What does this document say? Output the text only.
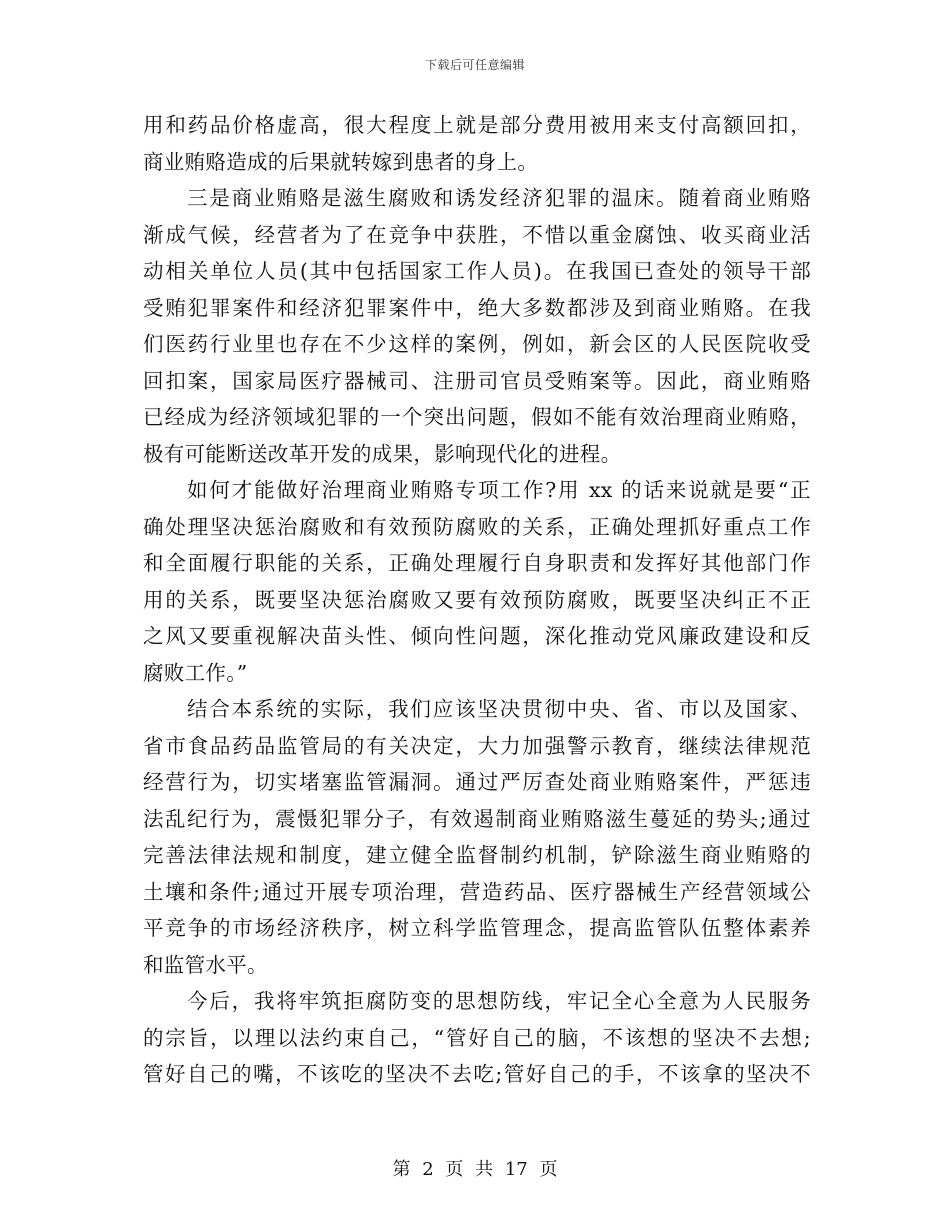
下载后可任意编辑
用和药品价格虚高，很大程度上就是部分费用被用来支付高额回扣，
商业贿赂造成的后果就转嫁到患者的身上。
三是商业贿赂是滋生腐败和诱发经济犯罪的温床。随着商业贿赂
渐成气候，经营者为了在竞争中获胜，不惜以重金腐蚀、收买商业活
动相关单位人员(其中包括国家工作人员)。在我国已查处的领导干部
受贿犯罪案件和经济犯罪案件中，绝大多数都涉及到商业贿赂。在我
们医药行业里也存在不少这样的案例，例如，新会区的人民医院收受
回扣案，国家局医疗器械司、注册司官员受贿案等。因此，商业贿赂
已经成为经济领域犯罪的一个突出问题，假如不能有效治理商业贿赂，
极有可能断送改革开发的成果，影响现代化的进程。
如何才能做好治理商业贿赂专项工作?用 xx 的话来说就是要“正
确处理坚决惩治腐败和有效预防腐败的关系，正确处理抓好重点工作
和全面履行职能的关系，正确处理履行自身职责和发挥好其他部门作
用的关系，既要坚决惩治腐败又要有效预防腐败，既要坚决纠正不正
之风又要重视解决苗头性、倾向性问题，深化推动党风廉政建设和反
腐败工作。”
结合本系统的实际，我们应该坚决贯彻中央、省、市以及国家、
省市食品药品监管局的有关决定，大力加强警示教育，继续法律规范
经营行为，切实堵塞监管漏洞。通过严厉查处商业贿赂案件，严惩违
法乱纪行为，震慑犯罪分子，有效遏制商业贿赂滋生蔓延的势头;通过
完善法律法规和制度，建立健全监督制约机制，铲除滋生商业贿赂的
土壤和条件;通过开展专项治理，营造药品、医疗器械生产经营领域公
平竞争的市场经济秩序，树立科学监管理念，提高监管队伍整体素养
和监管水平。
今后，我将牢筑拒腐防变的思想防线，牢记全心全意为人民服务
的宗旨，以理以法约束自己，“管好自己的脑，不该想的坚决不去想;
管好自己的嘴，不该吃的坚决不去吃;管好自己的手，不该拿的坚决不
第 2 页 共 17 页
